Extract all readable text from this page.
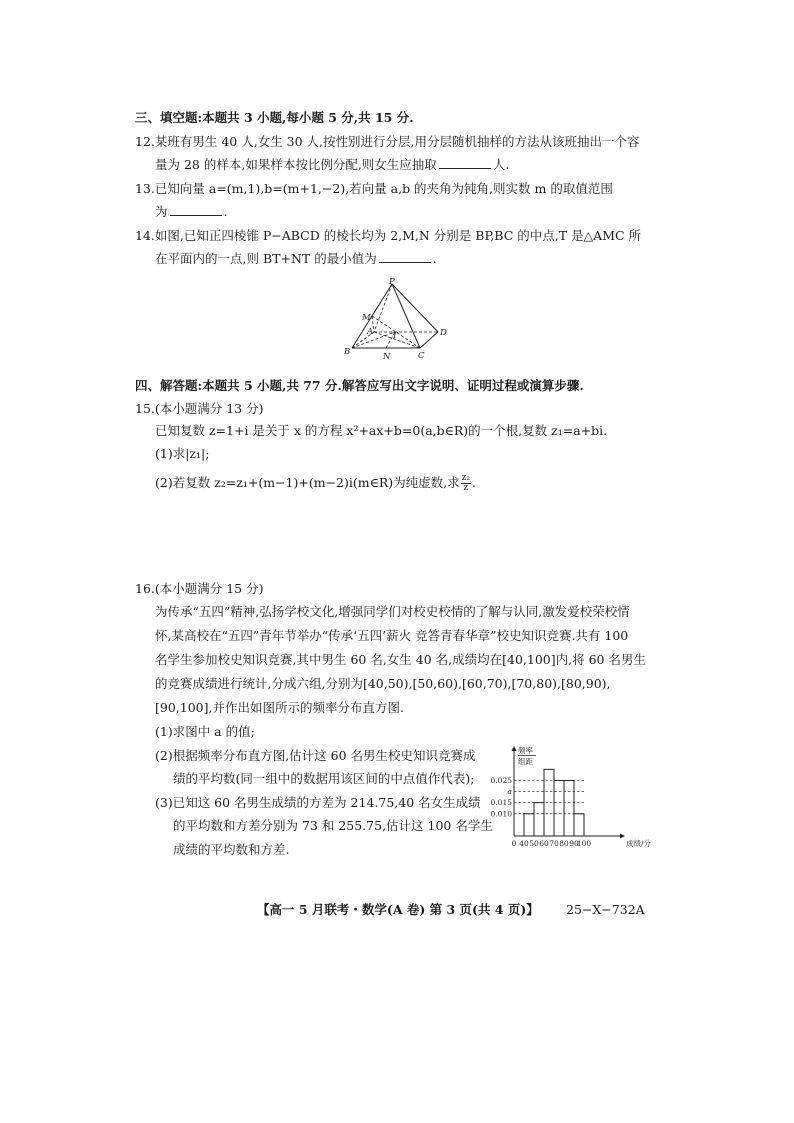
三、填空题:本题共 3 小题,每小题 5 分,共 15 分.
12.某班有男生 40 人,女生 30 人,按性别进行分层,用分层随机抽样的方法从该班抽出一个容
量为 28 的样本,如果样本按比例分配,则女生应抽取	人.
13.已知向量 a=(m,1),b=(m+1,−2),若向量 a,b 的夹角为钝角,则实数 m 的取值范围
为	.
14.如图,已知正四棱锥 P−ABCD 的棱长均为 2,M,N 分别是 BP,BC 的中点,T 是△AMC 所
在平面内的一点,则 BT+NT 的最小值为	.
P
M
A T	D
B	N	C
四、解答题:本题共 5 小题,共 77 分.解答应写出文字说明、证明过程或演算步骤.
15.(本小题满分 13 分)
已知复数 z=1+i 是关于 x 的方程 x²+ax+b=0(a,b∈R)的一个根,复数 z₁=a+bi.
(1)求|z₁|;
(2)若复数 z₂=z₁+(m−1)+(m−2)i(m∈R)为纯虚数,求 $\frac{\text{z₂}}{z}$ .
16.(本小题满分 15 分)
为传承“五四”精神,弘扬学校文化,增强同学们对校史校情的了解与认同,激发爱校荣校情
怀,某高校在“五四”青年节举办“传承‘五四’薪火 竞答青春华章”校史知识竞赛.共有 100
名学生参加校史知识竞赛,其中男生 60 名,女生 40 名,成绩均在[40,100]内,将 60 名男生
的竞赛成绩进行统计,分成六组,分别为[40,50),[50,60),[60,70),[70,80),[80,90),
[90,100],并作出如图所示的频率分布直方图.
(1)求图中 a 的值;
(2)根据频率分布直方图,估计这 60 名男生校史知识竞赛成
绩的平均数(同一组中的数据用该区间的中点值作代表);
(3)已知这 60 名男生成绩的方差为 214.75,40 名女生成绩
的平均数和方差分别为 73 和 255.75,估计这 100 名学生
成绩的平均数和方差.
0.010
0.015
a
0.025
0 40 50 60 70 80 90
100	成绩/分
频率
组距
【高一 5 月联考・数学(A 卷) 第 3 页(共 4 页)】 25−X−732A
